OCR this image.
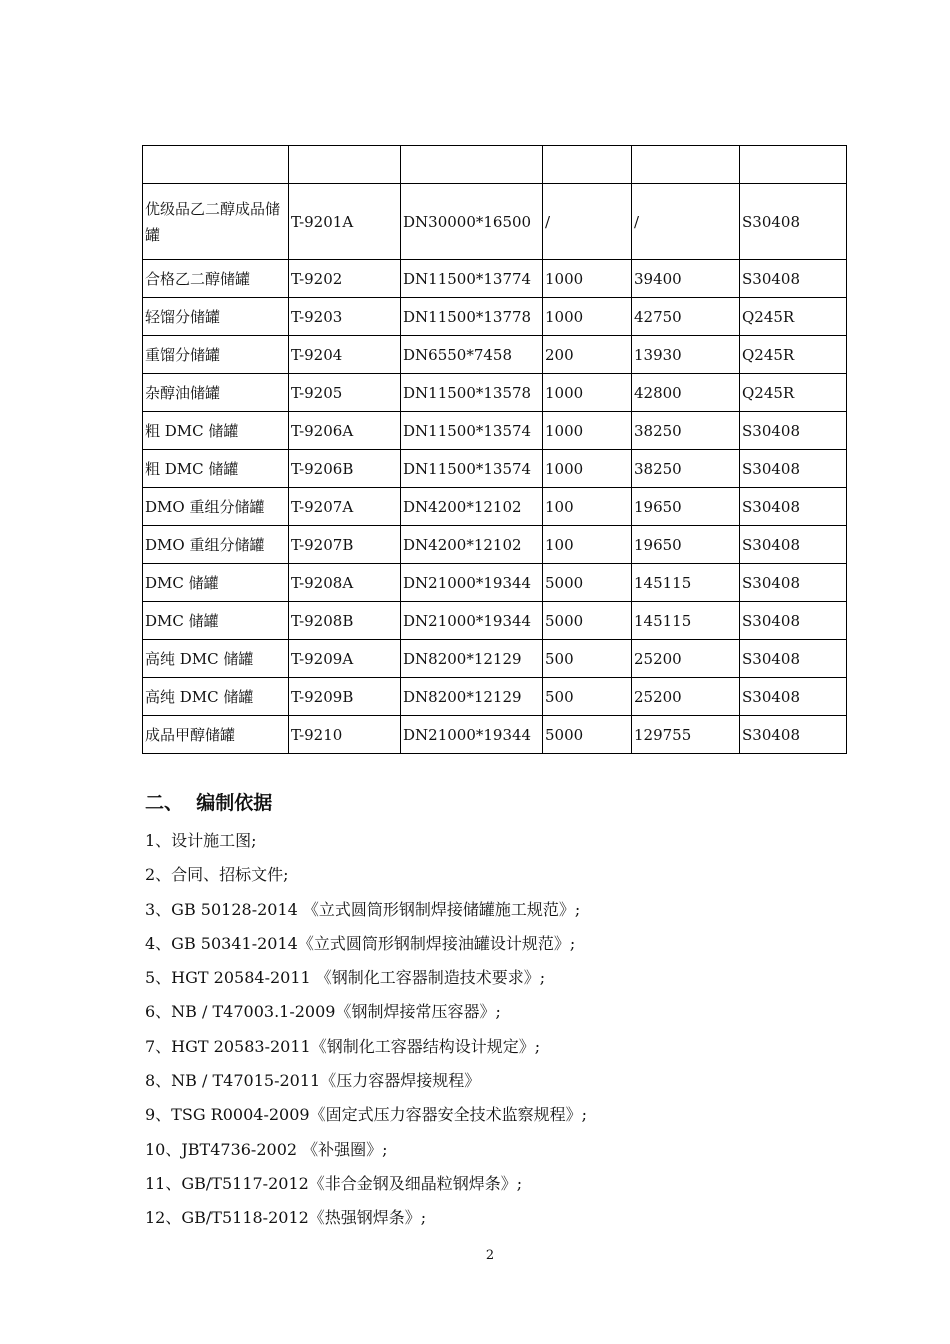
优级品乙二醇成品储罐	T-9201A	DN30000*16500	/	/	S30408
合格乙二醇储罐	T-9202	DN11500*13774	1000	39400	S30408
轻馏分储罐	T-9203	DN11500*13778	1000	42750	Q245R
重馏分储罐	T-9204	DN6550*7458	200	13930	Q245R
杂醇油储罐	T-9205	DN11500*13578	1000	42800	Q245R
粗 DMC 储罐	T-9206A	DN11500*13574	1000	38250	S30408
粗 DMC 储罐	T-9206B	DN11500*13574	1000	38250	S30408
DMO 重组分储罐	T-9207A	DN4200*12102	100	19650	S30408
DMO 重组分储罐	T-9207B	DN4200*12102	100	19650	S30408
DMC 储罐	T-9208A	DN21000*19344	5000	145115	S30408
DMC 储罐	T-9208B	DN21000*19344	5000	145115	S30408
高纯 DMC 储罐	T-9209A	DN8200*12129	500	25200	S30408
高纯 DMC 储罐	T-9209B	DN8200*12129	500	25200	S30408
成品甲醇储罐	T-9210	DN21000*19344	5000	129755	S30408
二、  编制依据
1、设计施工图;
2、合同、招标文件;
3、GB 50128-2014 《立式圆筒形钢制焊接储罐施工规范》;
4、GB 50341-2014《立式圆筒形钢制焊接油罐设计规范》;
5、HGT 20584-2011 《钢制化工容器制造技术要求》;
6、NB / T47003.1-2009《钢制焊接常压容器》;
7、HGT 20583-2011《钢制化工容器结构设计规定》;
8、NB / T47015-2011《压力容器焊接规程》
9、TSG R0004-2009《固定式压力容器安全技术监察规程》;
10、JBT4736-2002 《补强圈》;
11、GB/T5117-2012《非合金钢及细晶粒钢焊条》;
12、GB/T5118-2012《热强钢焊条》;
2
